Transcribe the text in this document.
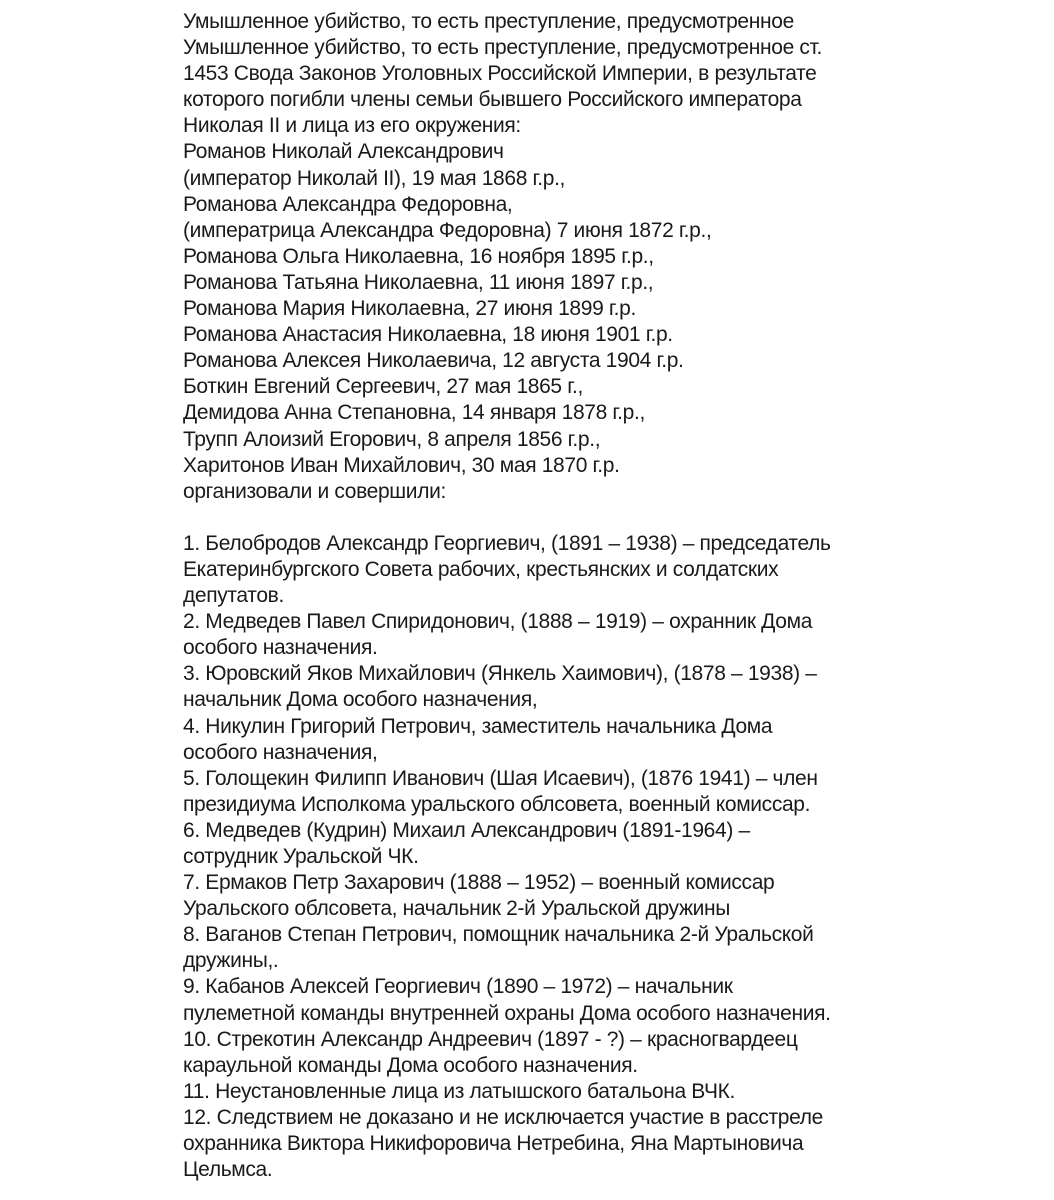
Умышленное убийство, то есть преступление, предусмотренное
Умышленное убийство, то есть преступление, предусмотренное ст.
1453 Свода Законов Уголовных Российской Империи, в результате
которого погибли члены семьи бывшего Российского императора
Николая II и лица из его окружения:
Романов Николай Александрович
(император Николай II), 19 мая 1868 г.р.,
Романова Александра Федоровна,
(императрица Александра Федоровна) 7 июня 1872 г.р.,
Романова Ольга Николаевна, 16 ноября 1895 г.р.,
Романова Татьяна Николаевна, 11 июня 1897 г.р.,
Романова Мария Николаевна, 27 июня 1899 г.р.
Романова Анастасия Николаевна, 18 июня 1901 г.р.
Романова Алексея Николаевича, 12 августа 1904 г.р.
Боткин Евгений Сергеевич, 27 мая 1865 г.,
Демидова Анна Степановна, 14 января 1878 г.р.,
Трупп Алоизий Егорович, 8 апреля 1856 г.р.,
Харитонов Иван Михайлович, 30 мая 1870 г.р.
организовали и совершили:
1. Белобродов Александр Георгиевич, (1891 – 1938) – председатель
Екатеринбургского Совета рабочих, крестьянских и солдатских
депутатов.
2. Медведев Павел Спиридонович, (1888 – 1919) – охранник Дома
особого назначения.
3. Юровский Яков Михайлович (Янкель Хаимович), (1878 – 1938) –
начальник Дома особого назначения,
4. Никулин Григорий Петрович, заместитель начальника Дома
особого назначения,
5. Голощекин Филипп Иванович (Шая Исаевич), (1876 1941) – член
президиума Исполкома уральского облсовета, военный комиссар.
6. Медведев (Кудрин) Михаил Александрович (1891-1964) –
сотрудник Уральской ЧК.
7. Ермаков Петр Захарович (1888 – 1952) – военный комиссар
Уральского облсовета, начальник 2-й Уральской дружины
8. Ваганов Степан Петрович, помощник начальника 2-й Уральской
дружины,.
9. Кабанов Алексей Георгиевич (1890 – 1972) – начальник
пулеметной команды внутренней охраны Дома особого назначения.
10. Стрекотин Александр Андреевич (1897 - ?) – красногвардеец
караульной команды Дома особого назначения.
11. Неустановленные лица из латышского батальона ВЧК.
12. Следствием не доказано и не исключается участие в расстреле
охранника Виктора Никифоровича Нетребина, Яна Мартыновича
Цельмса.
